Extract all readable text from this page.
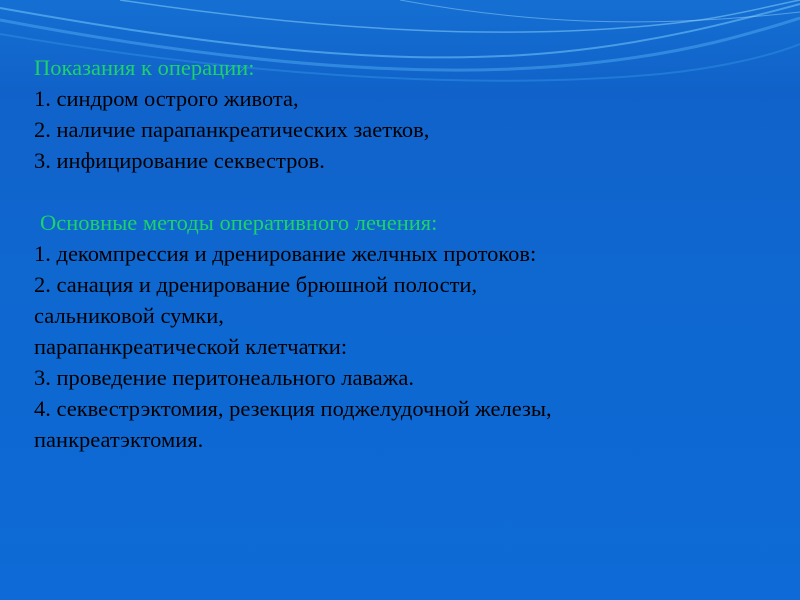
Показания к операции:

1. синдром острого живота,

2. наличие парапанкреатических заетков,

3. инфицирование секвестров.

Основные методы оперативного лечения:

1. декомпрессия и дренирование желчных протоков:

2. санация и дренирование брюшной полости,

сальниковой сумки,

парапанкреатической клетчатки:

3. проведение перитонеального лаважа.

4. секвестрэктомия, резекция поджелудочной железы,

панкреатэктомия.
